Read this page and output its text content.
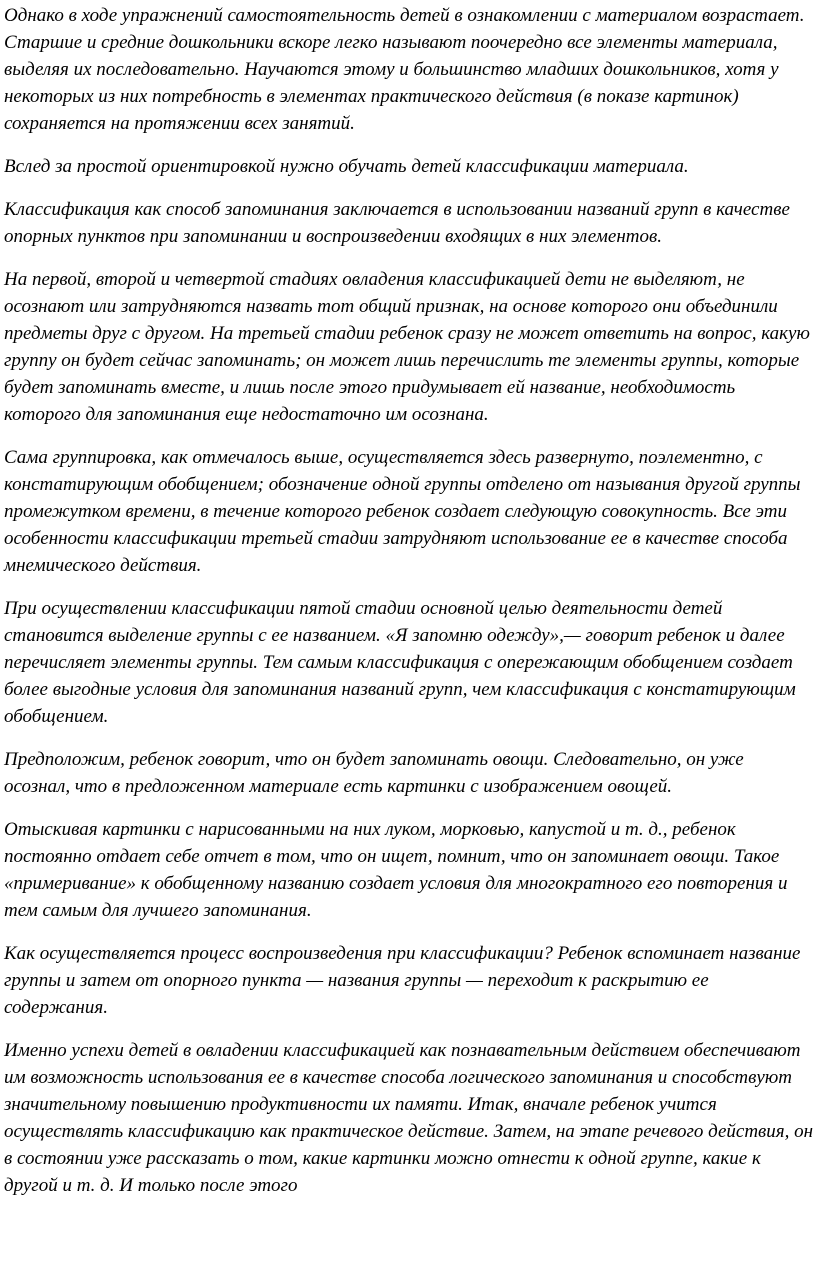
Однако в ходе упражнений самостоятельность детей в ознакомлении с материалом возрастает. Старшие и средние дошкольники вскоре легко называют поочередно все элементы материала, выделяя их последовательно. Научаются этому и большинство младших дошкольников, хотя у некоторых из них потребность в элементах практического действия (в показе картинок) сохраняется на протяжении всех занятий.

Вслед за простой ориентировкой нужно обучать детей классификации материала.

Классификация как способ запоминания заключается в использовании названий групп в качестве опорных пунктов при запоминании и воспроизведении входящих в них элементов.

На первой, второй и четвертой стадиях овладения классификацией дети не выделяют, не осознают или затрудняются назвать тот общий признак, на основе которого они объединили предметы друг с другом. На третьей стадии ребенок сразу не может ответить на вопрос, какую группу он будет сейчас запоминать; он может лишь перечислить те элементы группы, которые будет запоминать вместе, и лишь после этого придумывает ей название, необходимость которого для запоминания еще недостаточно им осознана.

Сама группировка, как отмечалось выше, осуществляется здесь развернуто, поэлементно, с констатирующим обобщением; обозначение одной группы отделено от называния другой группы промежутком времени, в течение которого ребенок создает следующую совокупность. Все эти особенности классификации третьей стадии затрудняют использование ее в качестве способа мнемического действия.

При осуществлении классификации пятой стадии основной целью деятельности детей становится выделение группы с ее названием. «Я запомню одежду»,— говорит ребенок и далее перечисляет элементы группы. Тем самым классификация с опережающим обобщением создает более выгодные условия для запоминания названий групп, чем классификация с констатирующим обобщением.

Предположим, ребенок говорит, что он будет запоминать овощи. Следовательно, он уже осознал, что в предложенном материале есть картинки с изображением овощей.

Отыскивая картинки с нарисованными на них луком, морковью, капустой и т. д., ребенок постоянно отдает себе отчет в том, что он ищет, помнит, что он запоминает овощи. Такое «примеривание» к обобщенному названию создает условия для многократного его повторения и тем самым для лучшего запоминания.

Как осуществляется процесс воспроизведения при классификации? Ребенок вспоминает название группы и затем от опорного пункта — названия группы — переходит к раскрытию ее содержания.

Именно успехи детей в овладении классификацией как познавательным действием обеспечивают им возможность использования ее в качестве способа логического запоминания и способствуют значительному повышению продуктивности их памяти. Итак, вначале ребенок учится осуществлять классификацию как практическое действие. Затем, на этапе речевого действия, он в состоянии уже рассказать о том, какие картинки можно отнести к одной группе, какие к другой и т. д. И только после этого
